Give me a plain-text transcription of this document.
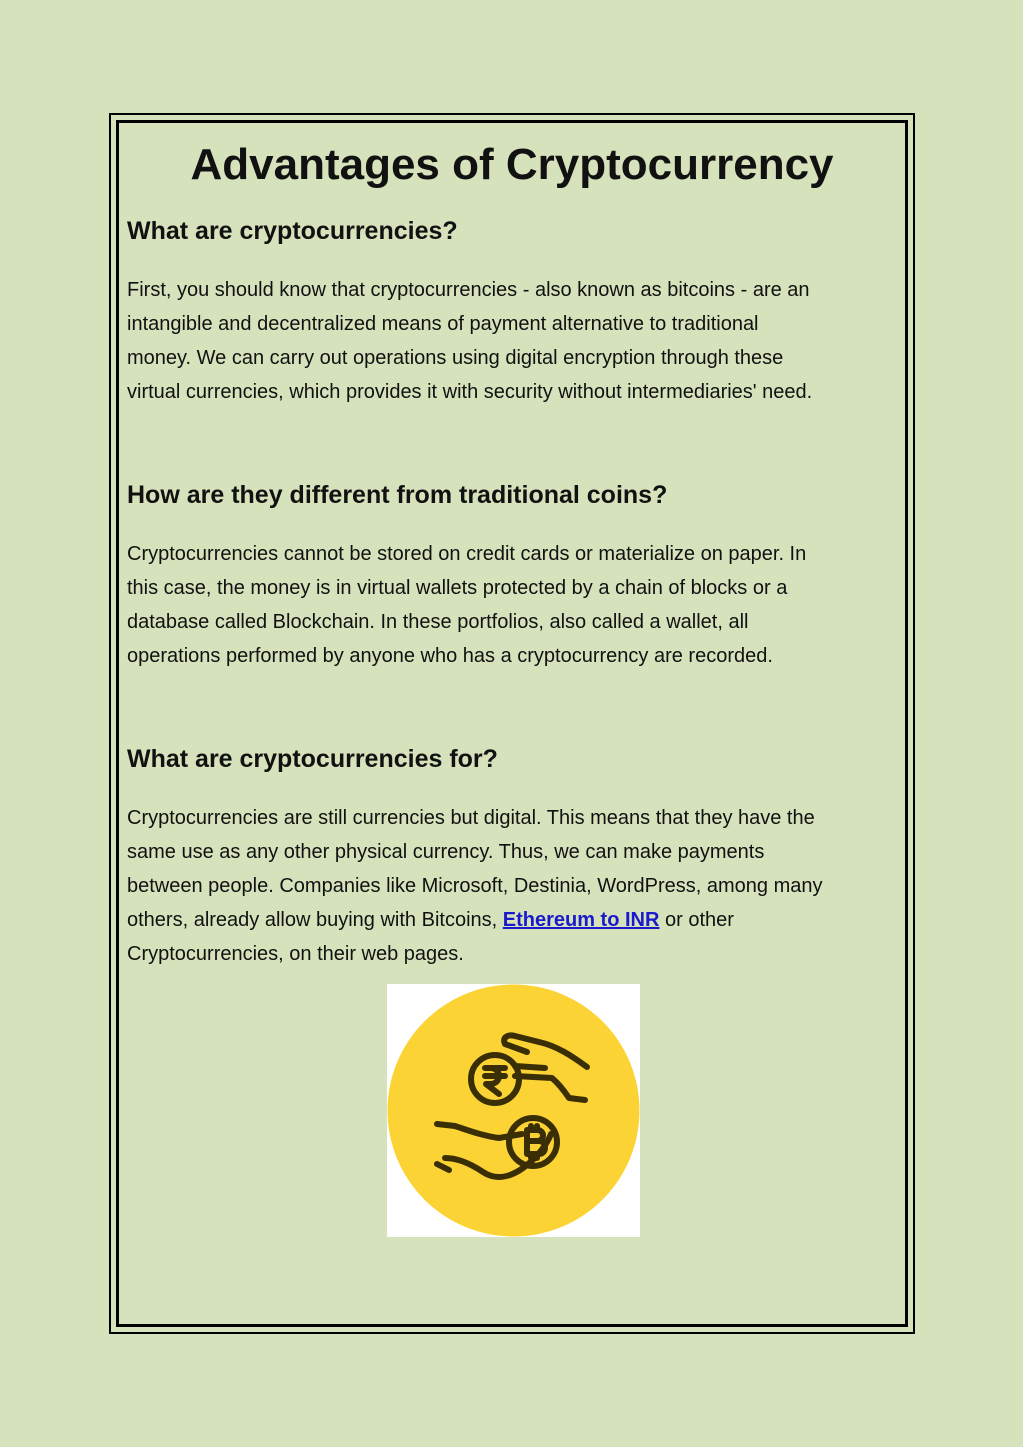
Advantages of Cryptocurrency
What are cryptocurrencies?
First, you should know that cryptocurrencies - also known as bitcoins - are an
intangible and decentralized means of payment alternative to traditional
money. We can carry out operations using digital encryption through these
virtual currencies, which provides it with security without intermediaries' need.
How are they different from traditional coins?
Cryptocurrencies cannot be stored on credit cards or materialize on paper. In
this case, the money is in virtual wallets protected by a chain of blocks or a
database called Blockchain. In these portfolios, also called a wallet, all
operations performed by anyone who has a cryptocurrency are recorded.
What are cryptocurrencies for?
Cryptocurrencies are still currencies but digital. This means that they have the
same use as any other physical currency. Thus, we can make payments
between people. Companies like Microsoft, Destinia, WordPress, among many
others, already allow buying with Bitcoins, Ethereum to INR or other
Cryptocurrencies, on their web pages.
